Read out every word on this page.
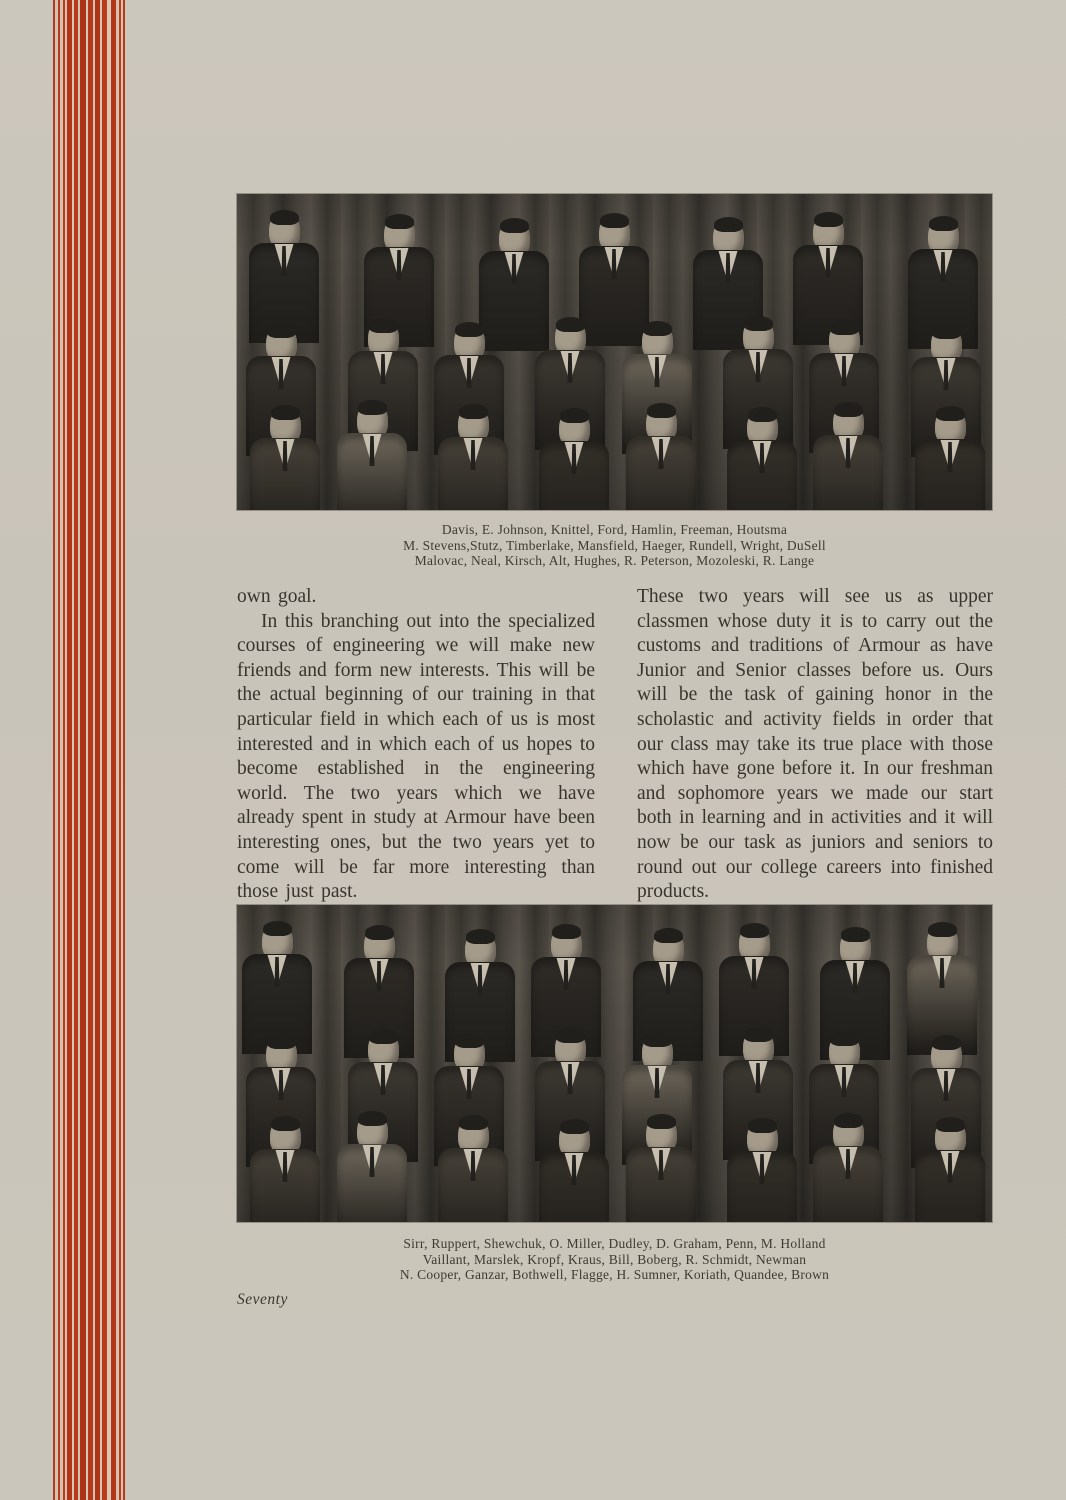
Davis, E. Johnson, Knittel, Ford, Hamlin, Freeman, Houtsma
M. Stevens,Stutz, Timberlake, Mansfield, Haeger, Rundell, Wright, DuSell
Malovac, Neal, Kirsch, Alt, Hughes, R. Peterson, Mozoleski, R. Lange

own goal.

In this branching out into the specialized courses of engineering we will make new friends and form new interests. This will be the actual beginning of our training in that particular field in which each of us is most interested and in which each of us hopes to become established in the engineering world. The two years which we have already spent in study at Armour have been interesting ones, but the two years yet to come will be far more interesting than those just past.

These two years will see us as upper classmen whose duty it is to carry out the customs and traditions of Armour as have Junior and Senior classes before us. Ours will be the task of gaining honor in the scholastic and activity fields in order that our class may take its true place with those which have gone before it. In our freshman and sophomore years we made our start both in learning and in activities and it will now be our task as juniors and seniors to round out our college careers into finished products.

Sirr, Ruppert, Shewchuk, O. Miller, Dudley, D. Graham, Penn, M. Holland
Vaillant, Marslek, Kropf, Kraus, Bill, Boberg, R. Schmidt, Newman
N. Cooper, Ganzar, Bothwell, Flagge, H. Sumner, Koriath, Quandee, Brown
Seventy
